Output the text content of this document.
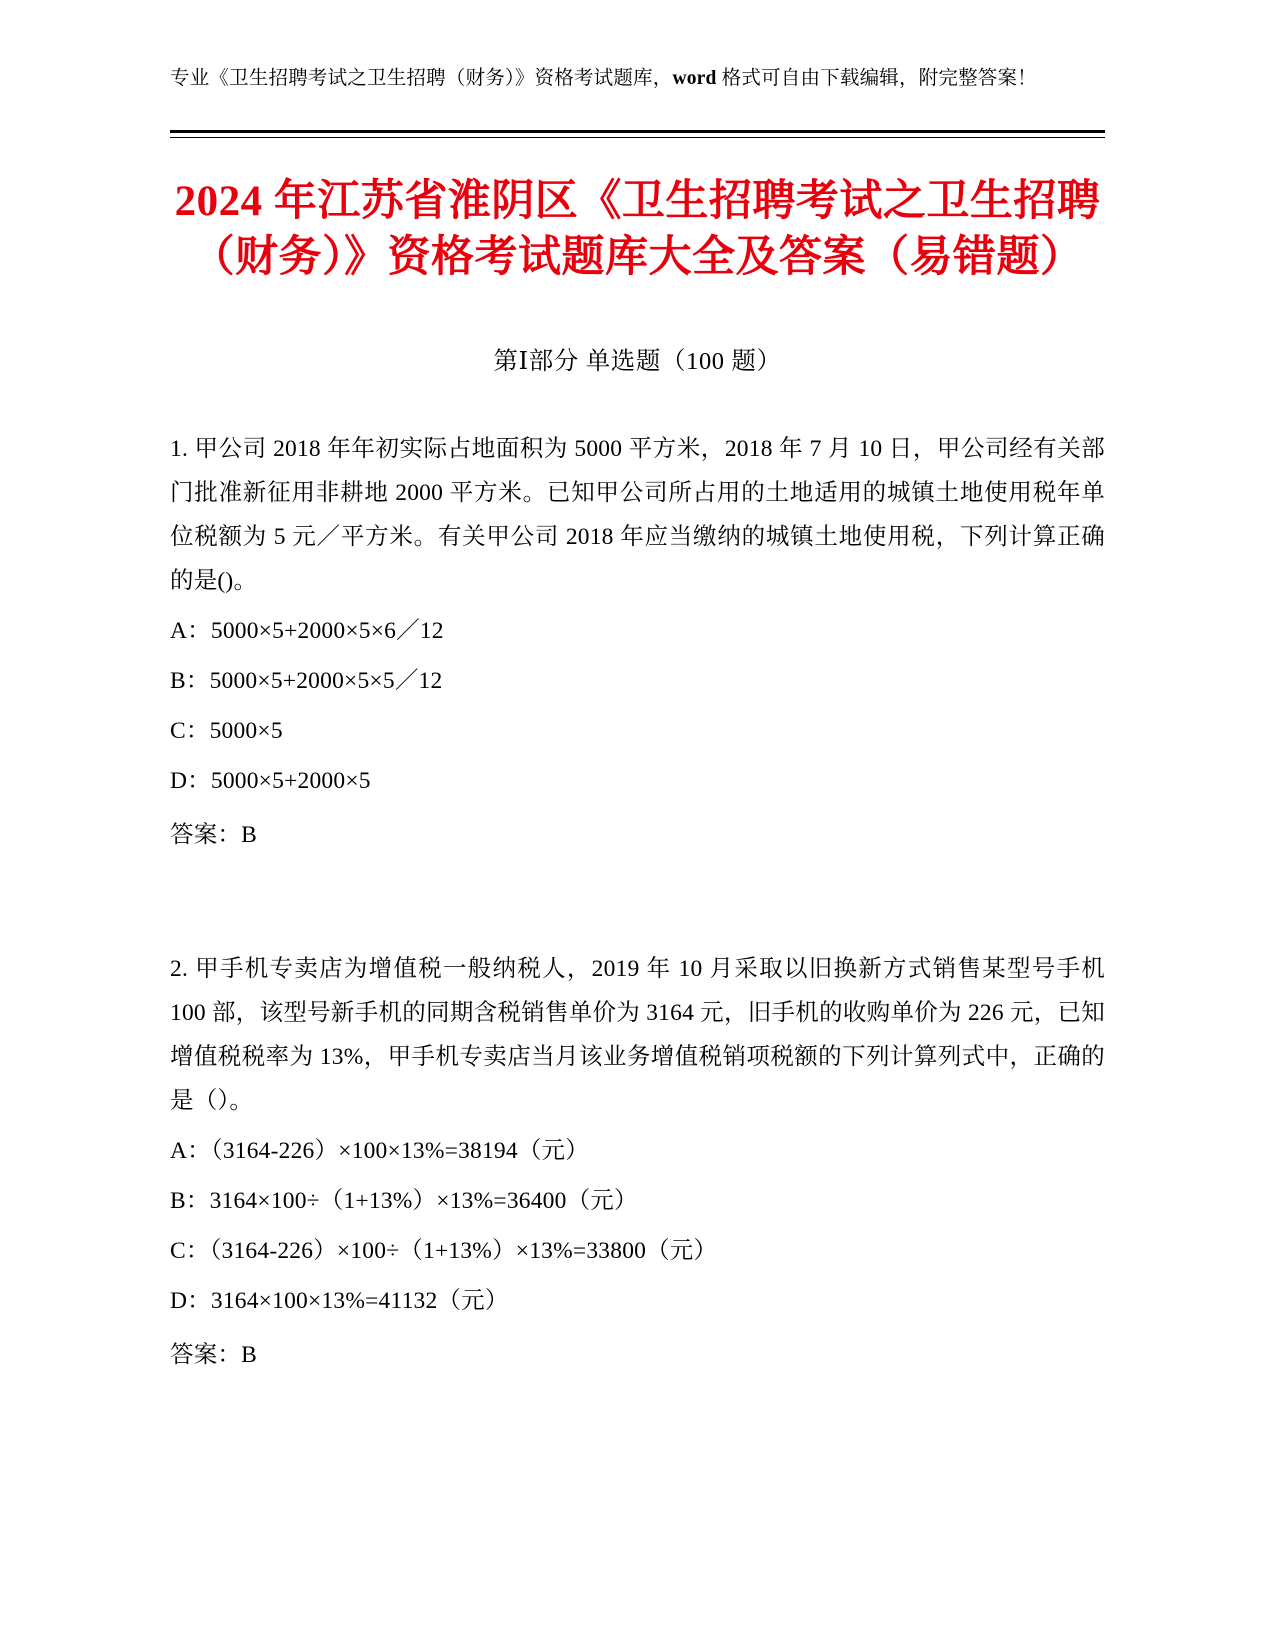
专业《卫生招聘考试之卫生招聘（财务）》资格考试题库，word 格式可自由下载编辑，附完整答案！
2024 年江苏省淮阴区《卫生招聘考试之卫生招聘（财务）》资格考试题库大全及答案（易错题）
第Ⅰ部分 单选题（100 题）
1. 甲公司 2018 年年初实际占地面积为 5000 平方米，2018 年 7 月 10 日，甲公司经有关部门批准新征用非耕地 2000 平方米。已知甲公司所占用的土地适用的城镇土地使用税年单位税额为 5 元／平方米。有关甲公司 2018 年应当缴纳的城镇土地使用税，下列计算正确的是()。
A：5000×5+2000×5×6／12
B：5000×5+2000×5×5／12
C：5000×5
D：5000×5+2000×5
答案：B
2. 甲手机专卖店为增值税一般纳税人，2019 年 10 月采取以旧换新方式销售某型号手机 100 部，该型号新手机的同期含税销售单价为 3164 元，旧手机的收购单价为 226 元，已知增值税税率为 13%，甲手机专卖店当月该业务增值税销项税额的下列计算列式中，正确的是（）。
A：（3164-226）×100×13%=38194（元）
B：3164×100÷（1+13%）×13%=36400（元）
C：（3164-226）×100÷（1+13%）×13%=33800（元）
D：3164×100×13%=41132（元）
答案：B
